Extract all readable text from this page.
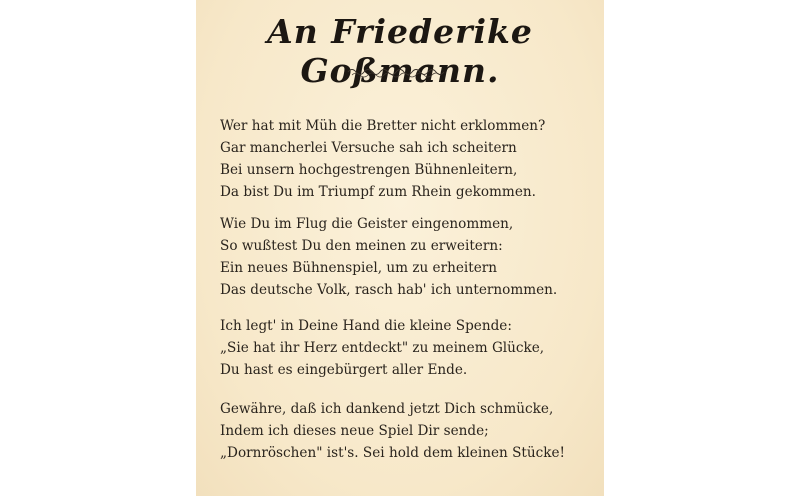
An Friederike Goßmann.
Wer hat mit Müh die Bretter nicht erklommen?
Gar mancherlei Versuche sah ich scheitern
Bei unsern hochgestrengen Bühnenleitern,
Da bist Du im Triumpf zum Rhein gekommen.
Wie Du im Flug die Geister eingenommen,
So wußtest Du den meinen zu erweitern:
Ein neues Bühnenspiel, um zu erheitern
Das deutsche Volk, rasch hab' ich unternommen.
Ich legt' in Deine Hand die kleine Spende:
„Sie hat ihr Herz entdeckt" zu meinem Glücke,
Du hast es eingebürgert aller Ende.
Gewähre, daß ich dankend jetzt Dich schmücke,
Indem ich dieses neue Spiel Dir sende;
„Dornröschen" ist's. Sei hold dem kleinen Stücke!
